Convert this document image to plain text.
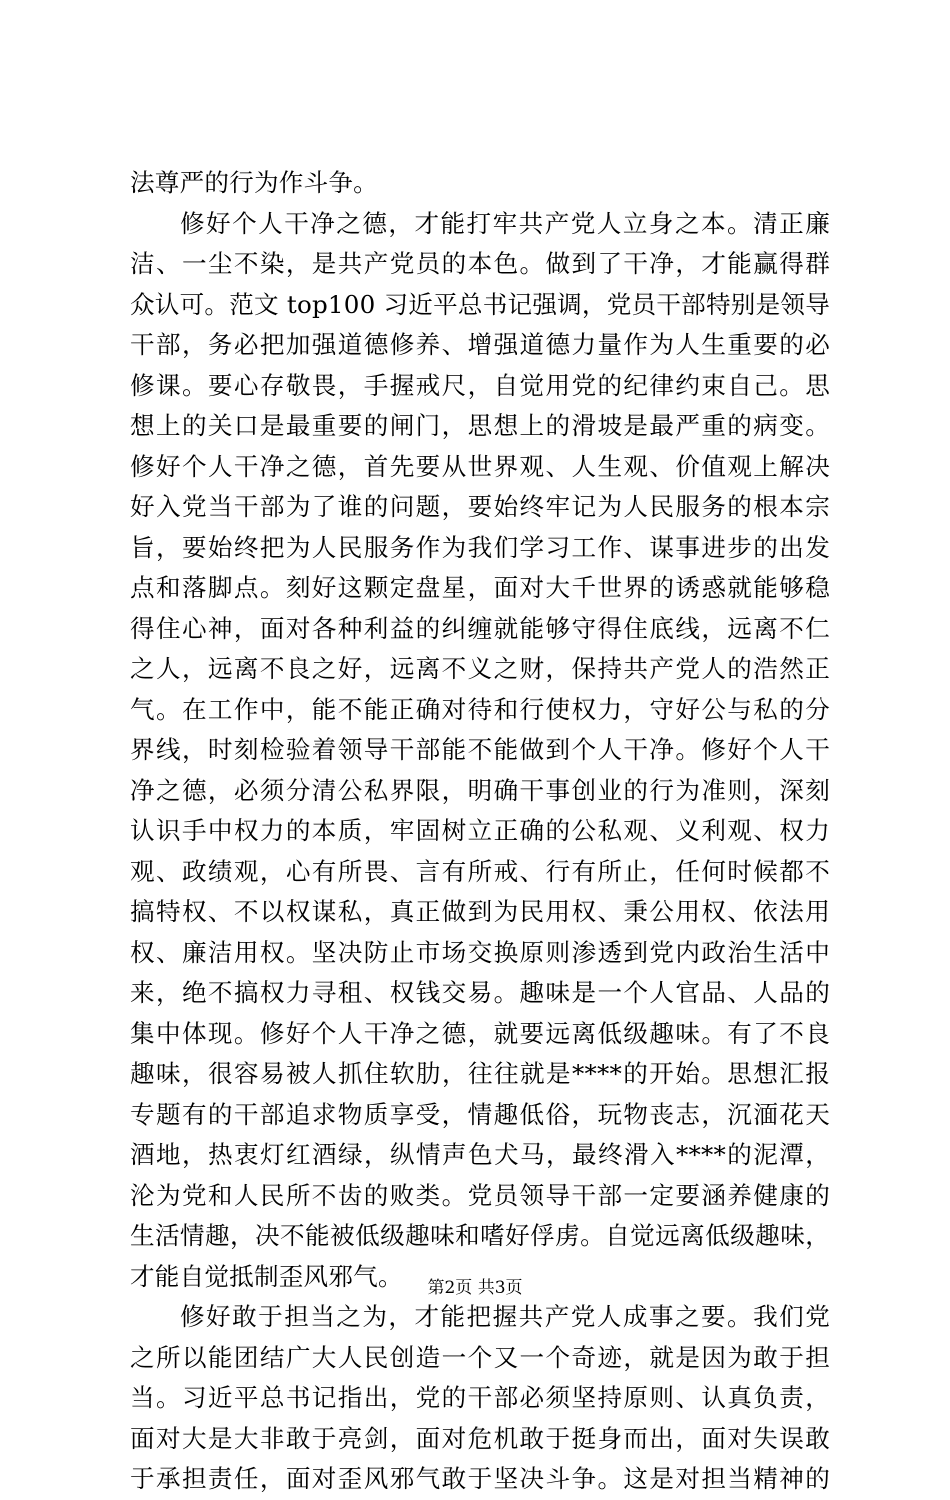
法尊严的行为作斗争。
修好个人干净之德，才能打牢共产党人立身之本。清正廉
洁、一尘不染，是共产党员的本色。做到了干净，才能赢得群
众认可。范文 top100 习近平总书记强调，党员干部特别是领导
干部，务必把加强道德修养、增强道德力量作为人生重要的必
修课。要心存敬畏，手握戒尺，自觉用党的纪律约束自己。思
想上的关口是最重要的闸门，思想上的滑坡是最严重的病变。
修好个人干净之德，首先要从世界观、人生观、价值观上解决
好入党当干部为了谁的问题，要始终牢记为人民服务的根本宗
旨，要始终把为人民服务作为我们学习工作、谋事进步的出发
点和落脚点。刻好这颗定盘星，面对大千世界的诱惑就能够稳
得住心神，面对各种利益的纠缠就能够守得住底线，远离不仁
之人，远离不良之好，远离不义之财，保持共产党人的浩然正
气。在工作中，能不能正确对待和行使权力，守好公与私的分
界线，时刻检验着领导干部能不能做到个人干净。修好个人干
净之德，必须分清公私界限，明确干事创业的行为准则，深刻
认识手中权力的本质，牢固树立正确的公私观、义利观、权力
观、政绩观，心有所畏、言有所戒、行有所止，任何时候都不
搞特权、不以权谋私，真正做到为民用权、秉公用权、依法用
权、廉洁用权。坚决防止市场交换原则渗透到党内政治生活中
来，绝不搞权力寻租、权钱交易。趣味是一个人官品、人品的
集中体现。修好个人干净之德，就要远离低级趣味。有了不良
趣味，很容易被人抓住软肋，往往就是****的开始。思想汇报
专题有的干部追求物质享受，情趣低俗，玩物丧志，沉湎花天
酒地，热衷灯红酒绿，纵情声色犬马，最终滑入****的泥潭，
沦为党和人民所不齿的败类。党员领导干部一定要涵养健康的
生活情趣，决不能被低级趣味和嗜好俘虏。自觉远离低级趣味，
才能自觉抵制歪风邪气。
修好敢于担当之为，才能把握共产党人成事之要。我们党
之所以能团结广大人民创造一个又一个奇迹，就是因为敢于担
当。习近平总书记指出，党的干部必须坚持原则、认真负责，
面对大是大非敢于亮剑，面对危机敢于挺身而出，面对失误敢
于承担责任，面对歪风邪气敢于坚决斗争。这是对担当精神的
第2页 共3页
